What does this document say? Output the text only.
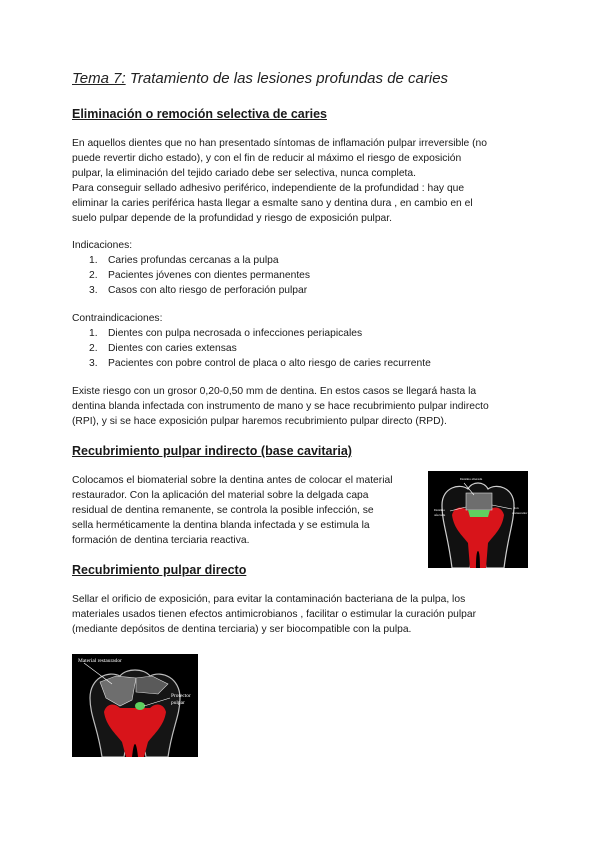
Tema 7: Tratamiento de las lesiones profundas de caries
Eliminación o remoción selectiva de caries
En aquellos dientes que no han presentado síntomas de inflamación pulpar irreversible (no
puede revertir dicho estado), y con el fin de reducir al máximo el riesgo de exposición
pulpar, la eliminación del tejido cariado debe ser selectiva, nunca completa.
Para conseguir sellado adhesivo periférico, independiente de la profundidad : hay que
eliminar la caries periférica hasta llegar a esmalte sano y dentina dura , en cambio en el
suelo pulpar depende de la profundidad y riesgo de exposición pulpar.
Indicaciones:
1. Caries profundas cercanas a la pulpa
2. Pacientes jóvenes con dientes permanentes
3. Casos con alto riesgo de perforación pulpar
Contraindicaciones:
1. Dientes con pulpa necrosada o infecciones periapicales
2. Dientes con caries extensas
3. Pacientes con pobre control de placa o alto riesgo de caries recurrente
Existe riesgo con un grosor 0,20-0,50 mm de dentina. En estos casos se llegará hasta la
dentina blanda infectada con instrumento de mano y se hace recubrimiento pulpar indirecto
(RPI), y si se hace exposición pulpar haremos recubrimiento pulpar directo (RPD).
Recubrimiento pulpar indirecto (base cavitaria)
Colocamos el biomaterial sobre la dentina antes de colocar el material
restaurador. Con la aplicación del material sobre la delgada capa
residual de dentina remanente, se controla la posible infección, se
sella herméticamente la dentina blanda infectada y se estimula la
formación de dentina terciaria reactiva.
Dentina alterada
Dentina
afectada
Ion
restaurador
Recubrimiento pulpar directo
Sellar el orificio de exposición, para evitar la contaminación bacteriana de la pulpa, los
materiales usados tienen efectos antimicrobianos , facilitar o estimular la curación pulpar
(mediante depósitos de dentina terciaria) y ser biocompatible con la pulpa.
Material restaurador
Protector
pulpar
